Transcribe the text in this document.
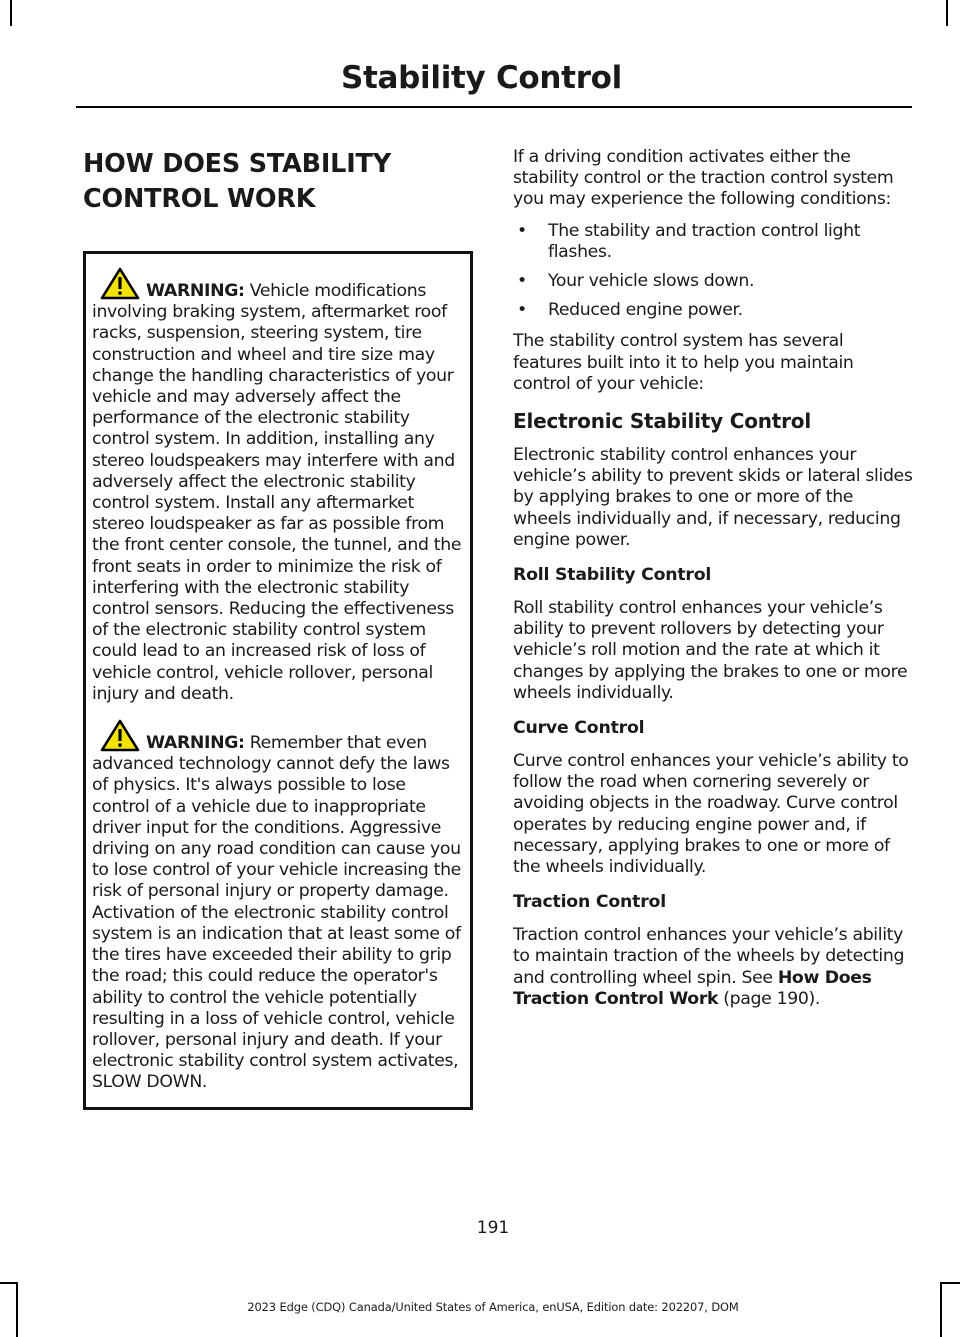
Stability Control
HOW DOES STABILITY
CONTROL WORK

WARNING: Vehicle modifications involving braking system, aftermarket roof racks, suspension, steering system, tire construction and wheel and tire size may change the handling characteristics of your vehicle and may adversely affect the performance of the electronic stability control system. In addition, installing any stereo loudspeakers may interfere with and adversely affect the electronic stability control system. Install any aftermarket stereo loudspeaker as far as possible from the front center console, the tunnel, and the front seats in order to minimize the risk of interfering with the electronic stability control sensors. Reducing the effectiveness of the electronic stability control system could lead to an increased risk of loss of vehicle control, vehicle rollover, personal injury and death.

WARNING: Remember that even advanced technology cannot defy the laws of physics. It's always possible to lose control of a vehicle due to inappropriate driver input for the conditions. Aggressive driving on any road condition can cause you to lose control of your vehicle increasing the risk of personal injury or property damage. Activation of the electronic stability control system is an indication that at least some of the tires have exceeded their ability to grip the road; this could reduce the operator's ability to control the vehicle potentially resulting in a loss of vehicle control, vehicle rollover, personal injury and death. If your electronic stability control system activates, SLOW DOWN.

If a driving condition activates either the stability control or the traction control system you may experience the following conditions:

• The stability and traction control light flashes.
• Your vehicle slows down.
• Reduced engine power.

The stability control system has several features built into it to help you maintain control of your vehicle:

Electronic Stability Control

Electronic stability control enhances your vehicle’s ability to prevent skids or lateral slides by applying brakes to one or more of the wheels individually and, if necessary, reducing engine power.

Roll Stability Control

Roll stability control enhances your vehicle’s ability to prevent rollovers by detecting your vehicle’s roll motion and the rate at which it changes by applying the brakes to one or more wheels individually.

Curve Control

Curve control enhances your vehicle’s ability to follow the road when cornering severely or avoiding objects in the roadway. Curve control operates by reducing engine power and, if necessary, applying brakes to one or more of the wheels individually.

Traction Control

Traction control enhances your vehicle’s ability to maintain traction of the wheels by detecting and controlling wheel spin. See How Does Traction Control Work (page 190).

191
2023 Edge (CDQ) Canada/United States of America, enUSA, Edition date: 202207, DOM
